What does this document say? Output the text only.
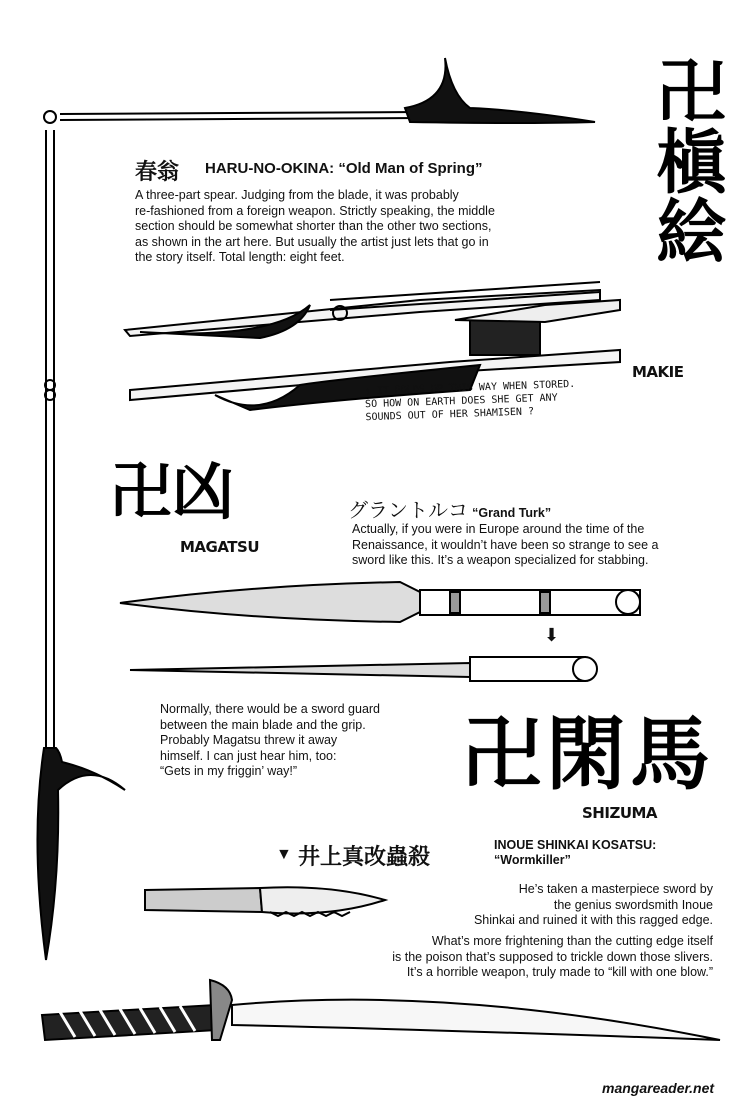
春翁 HARU-NO-OKINA: “Old Man of Spring”
A three-part spear. Judging from the blade, it was probably
re-fashioned from a foreign weapon. Strictly speaking, the middle
section should be somewhat shorter than the other two sections,
as shown in the art here. But usually the artist just lets that go in
the story itself. Total length: eight feet.
↑ IT FOLDS UP THIS WAY WHEN STORED.
SO HOW ON EARTH DOES SHE GET ANY
SOUNDS OUT OF HER SHAMISEN ?
卍槇絵
MAKIE
卍凶
MAGATSU
グラントルコ “Grand Turk”
Actually, if you were in Europe around the time of the
Renaissance, it wouldn’t have been so strange to see a
sword like this. It’s a weapon specialized for stabbing.
⬇
Normally, there would be a sword guard
between the main blade and the grip.
Probably Magatsu threw it away
himself. I can just hear him, too:
“Gets in my friggin’ way!”	卍閑馬
SHIZUMA
▼ 井上真改蟲殺	INOUE SHINKAI KOSATSU:
“Wormkiller”
He’s taken a masterpiece sword by
the genius swordsmith Inoue
Shinkai and ruined it with this ragged edge.
What’s more frightening than the cutting edge itself
is the poison that’s supposed to trickle down those slivers.
It’s a horrible weapon, truly made to “kill with one blow.”
mangareader.net
